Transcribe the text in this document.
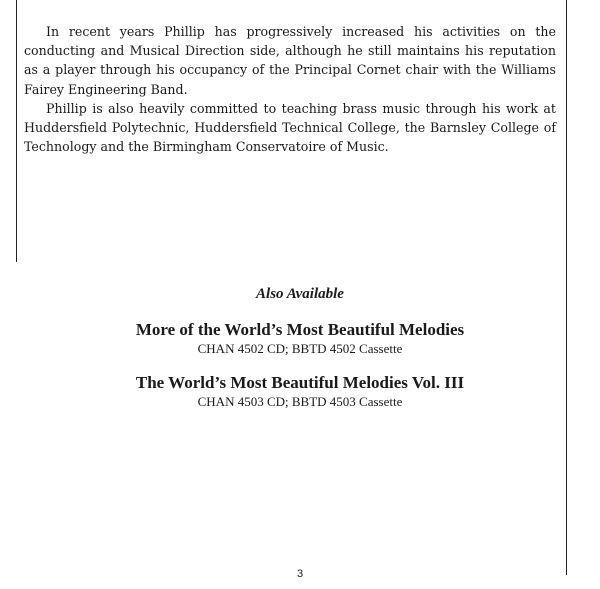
In recent years Phillip has progressively increased his activities on the conducting and Musical Direction side, although he still maintains his reputation as a player through his occupancy of the Principal Cornet chair with the Williams Fairey Engineering Band.

Phillip is also heavily committed to teaching brass music through his work at Huddersfield Polytechnic, Huddersfield Technical College, the Barnsley College of Technology and the Birmingham Conservatoire of Music.

Also Available
More of the World’s Most Beautiful Melodies
CHAN 4502 CD; BBTD 4502 Cassette
The World’s Most Beautiful Melodies Vol. III
CHAN 4503 CD; BBTD 4503 Cassette
3
